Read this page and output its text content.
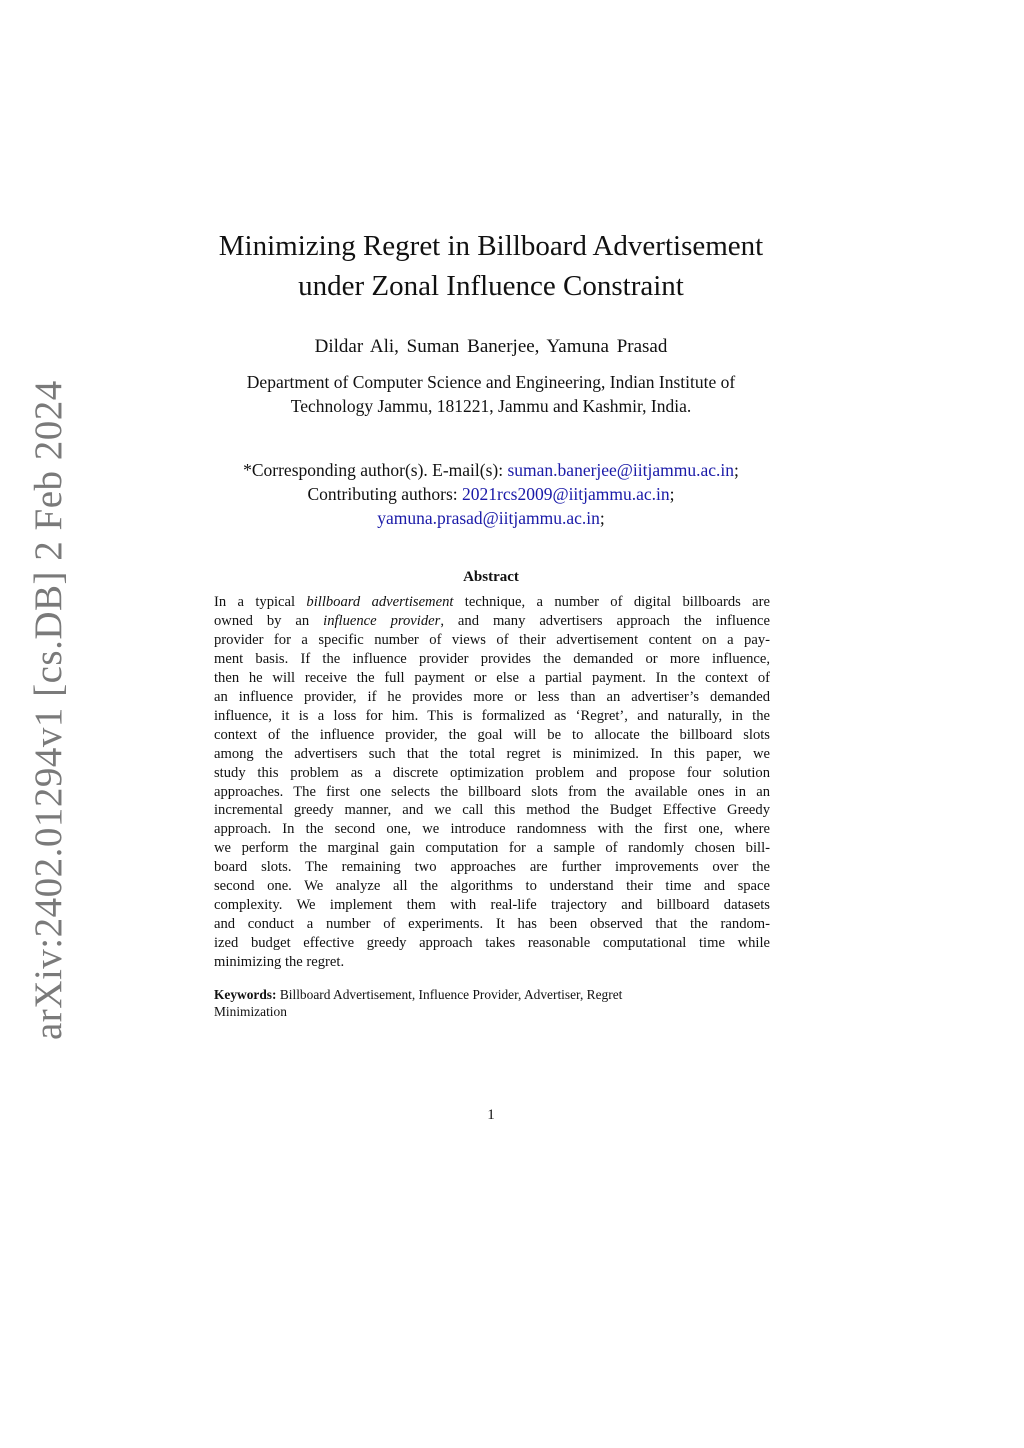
arXiv:2402.01294v1 [cs.DB] 2 Feb 2024
Minimizing Regret in Billboard Advertisement
under Zonal Influence Constraint
Dildar Ali, Suman Banerjee, Yamuna Prasad
Department of Computer Science and Engineering, Indian Institute of
Technology Jammu, 181221, Jammu and Kashmir, India.
*Corresponding author(s). E-mail(s): suman.banerjee@iitjammu.ac.in;
Contributing authors: 2021rcs2009@iitjammu.ac.in;
yamuna.prasad@iitjammu.ac.in;
Abstract
In a typical billboard advertisement technique, a number of digital billboards are
owned by an influence provider, and many advertisers approach the influence
provider for a specific number of views of their advertisement content on a pay-
ment basis. If the influence provider provides the demanded or more influence,
then he will receive the full payment or else a partial payment. In the context of
an influence provider, if he provides more or less than an advertiser’s demanded
influence, it is a loss for him. This is formalized as ‘Regret’, and naturally, in the
context of the influence provider, the goal will be to allocate the billboard slots
among the advertisers such that the total regret is minimized. In this paper, we
study this problem as a discrete optimization problem and propose four solution
approaches. The first one selects the billboard slots from the available ones in an
incremental greedy manner, and we call this method the Budget Effective Greedy
approach. In the second one, we introduce randomness with the first one, where
we perform the marginal gain computation for a sample of randomly chosen bill-
board slots. The remaining two approaches are further improvements over the
second one. We analyze all the algorithms to understand their time and space
complexity. We implement them with real-life trajectory and billboard datasets
and conduct a number of experiments. It has been observed that the random-
ized budget effective greedy approach takes reasonable computational time while
minimizing the regret.
Keywords: Billboard Advertisement, Influence Provider, Advertiser, Regret
Minimization
1
